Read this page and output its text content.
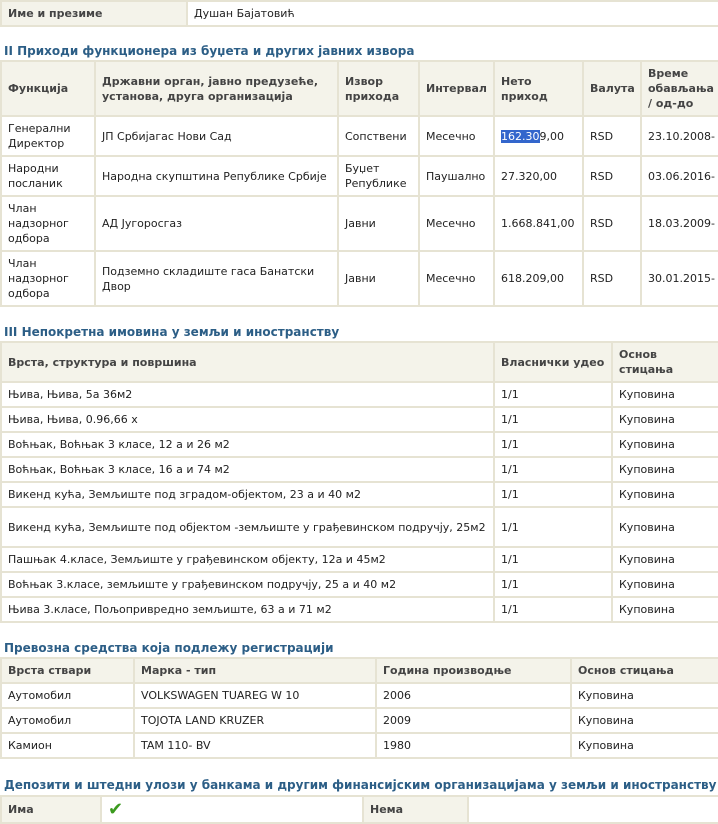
Име и презиме	Душан Бајатовић
II Приходи функционера из буџета и других јавних извора
Функција	Државни орган, јавно предузеће, установа, друга организација	Извор прихода	Интервал	Нето приход	Валута	Време обављања / од-до
Генерални Директор	ЈП Србијагас Нови Сад	Сопствени	Месечно	162.309,00	RSD	23.10.2008-
Народни посланик	Народна скупштина Републике Србије	Буџет Републике	Паушално	27.320,00	RSD	03.06.2016-
Члан надзорног одбора	АД Југоросгаз	Јавни	Месечно	1.668.841,00	RSD	18.03.2009-
Члан надзорног одбора	Подземно складиште гаса Банатски Двор	Јавни	Месечно	618.209,00	RSD	30.01.2015-
III Непокретна имовина у земљи и иностранству
Врста, структура и површина	Власнички удео	Основ стицања
Њива, Њива, 5а 36м2	1/1	Куповина
Њива, Њива, 0.96,66 х	1/1	Куповина
Воћњак, Воћњак 3 класе, 12 а и 26 м2	1/1	Куповина
Воћњак, Воћњак 3 класе, 16 а и 74 м2	1/1	Куповина
Викенд кућа, Земљиште под зградом-објектом, 23 а и 40 м2	1/1	Куповина
Викенд кућа, Земљиште под објектом -земљиште у грађевинском подручју, 25м2	1/1	Куповина
Пашњак 4.класе, Земљиште у грађевинском објекту, 12а и 45м2	1/1	Куповина
Воћњак 3.класе, земљиште у грађевинском подручју, 25 а и 40 м2	1/1	Куповина
Њива 3.класе, Пољопривредно земљиште, 63 а и 71 м2	1/1	Куповина
Превозна средства која подлежу регистрацији
Врста ствари	Марка - тип	Година производње	Основ стицања
Аутомобил	VOLKSWAGEN TUAREG W 10	2006	Куповина
Аутомобил	TOJOTA LAND KRUZER	2009	Куповина
Камион	TAM 110- BV	1980	Куповина
Депозити и штедни улози у банкама и другим финансијским организацијама у земљи и иностранству
Има	✔	Нема	
